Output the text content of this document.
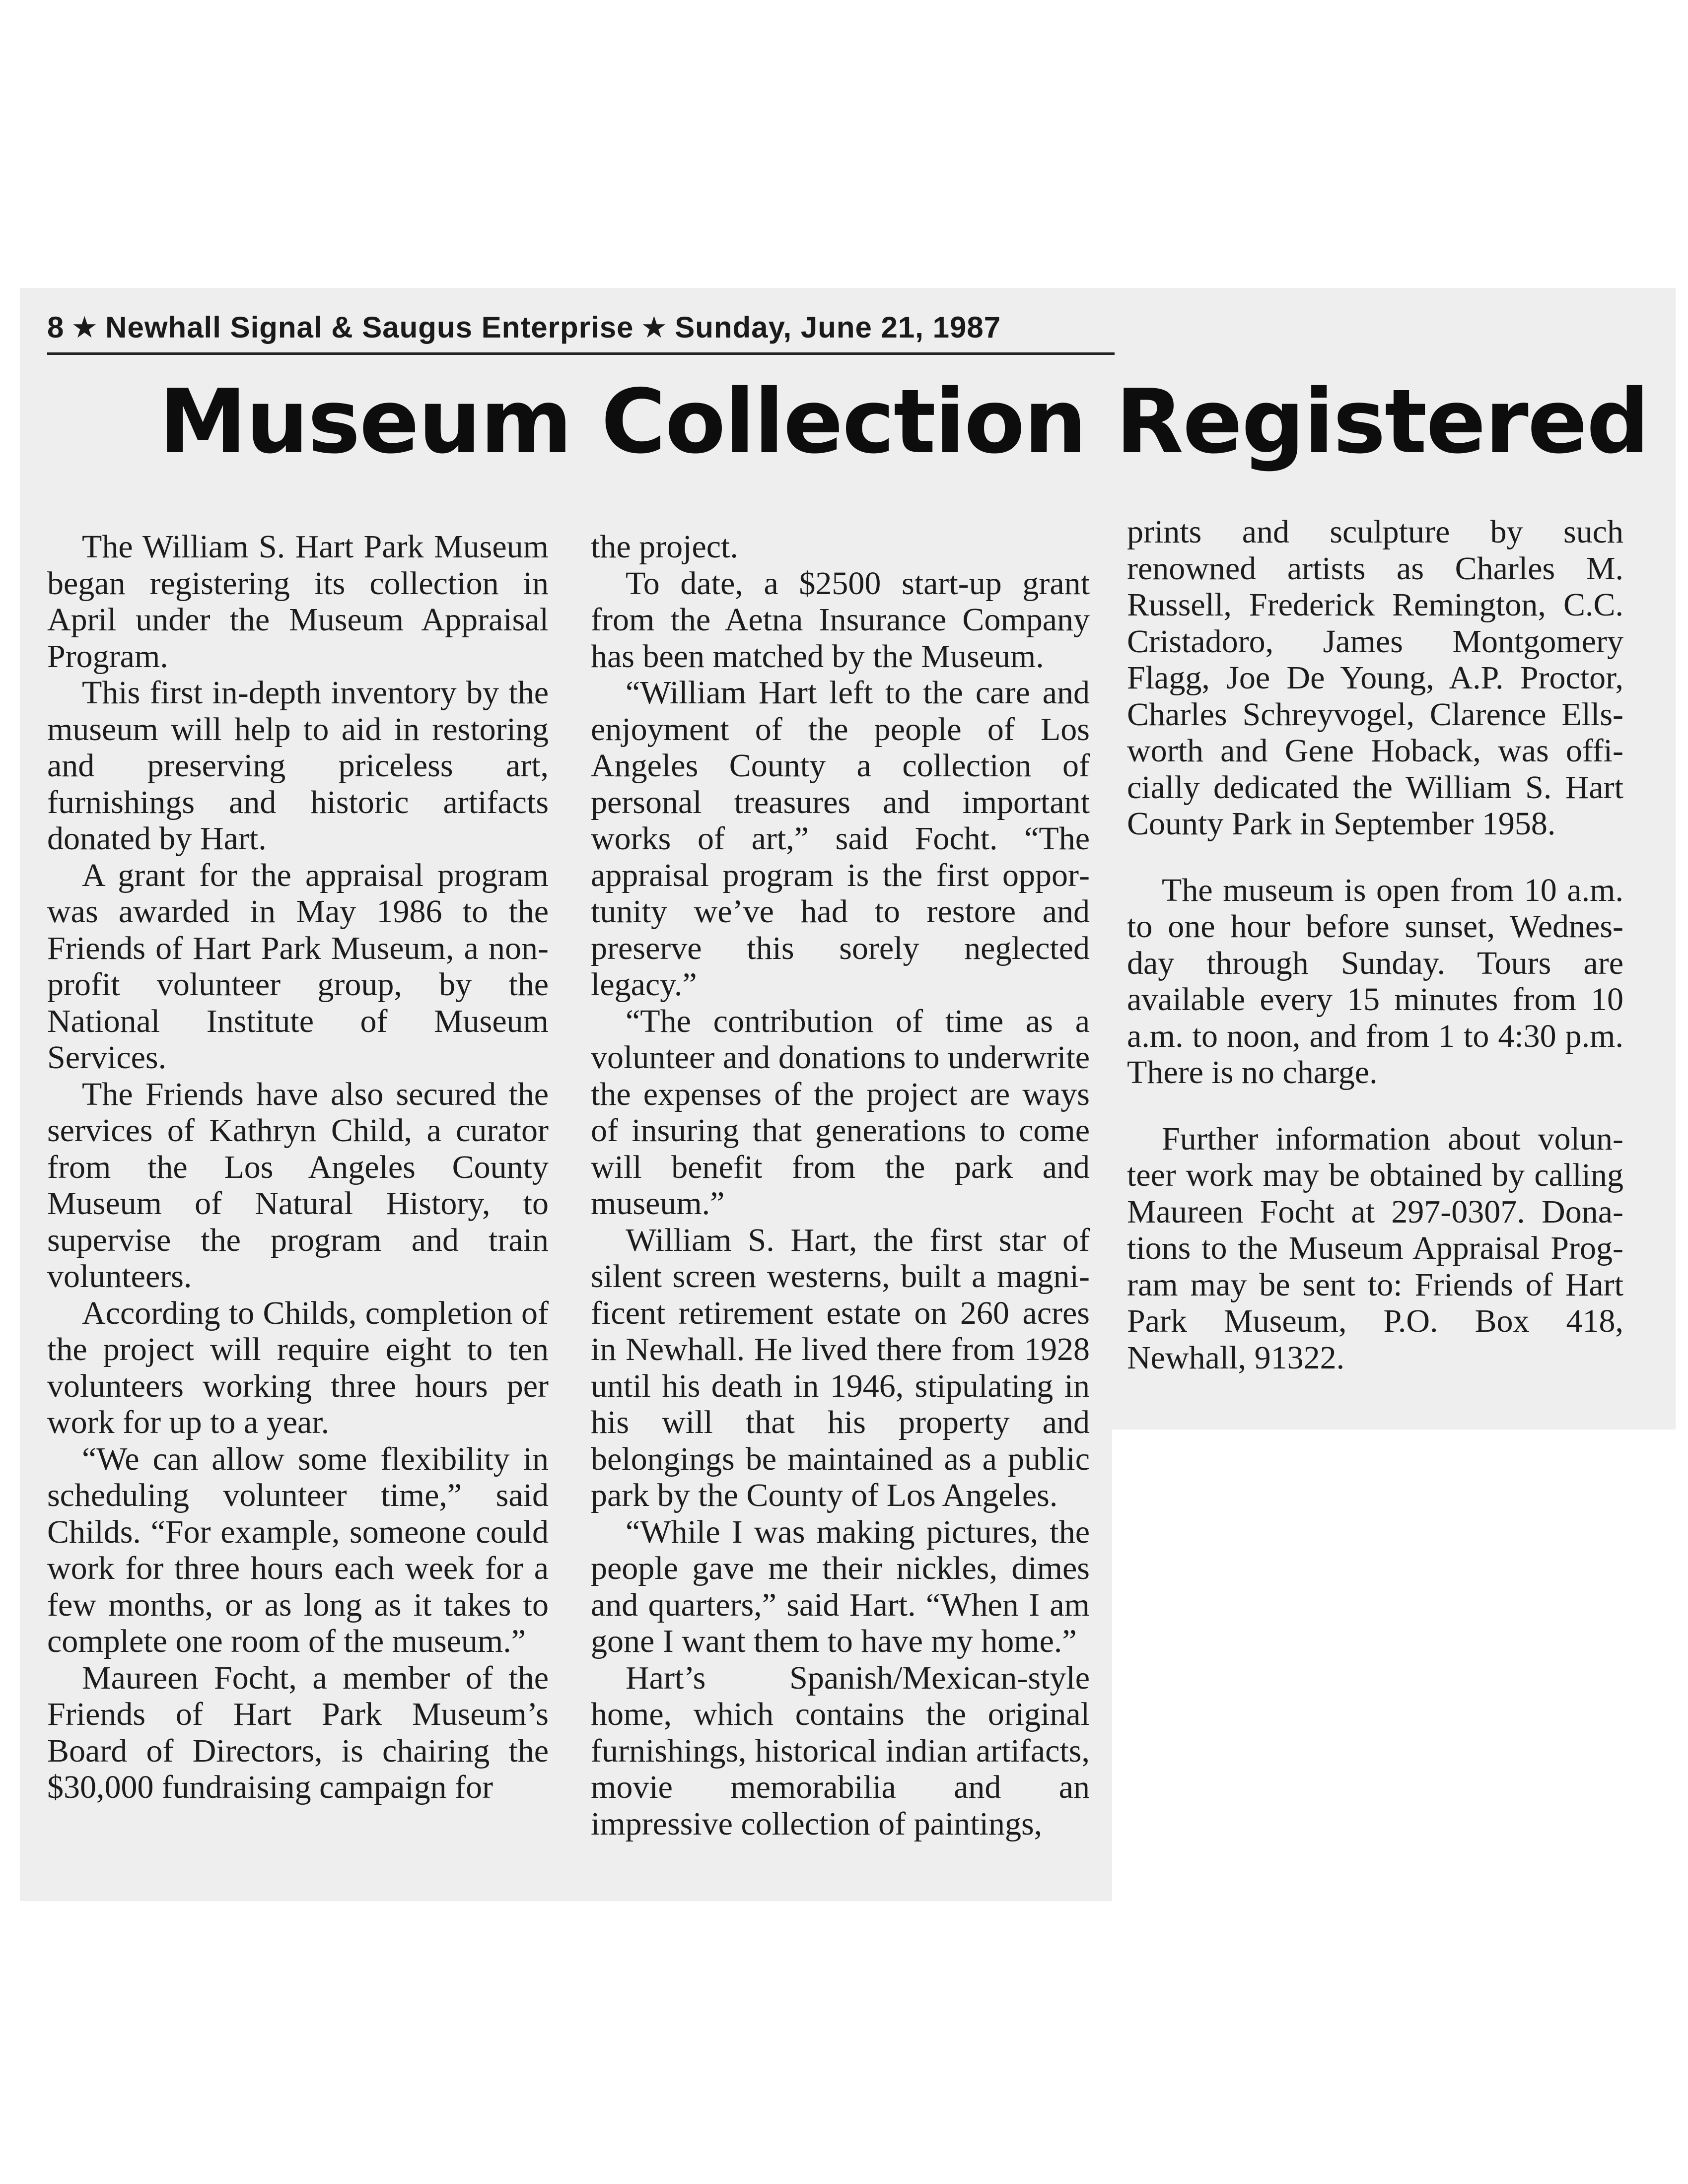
8 ★ Newhall Signal & Saugus Enterprise ★ Sunday, June 21, 1987
Museum Collection Registered

The William S. Hart Park Museum began registering its collection in April under the Museum Appraisal Program.

This first in-depth inventory by the museum will help to aid in restoring and preserving priceless art, furnishings and historic artifacts donated by Hart.

A grant for the appraisal program was awarded in May 1986 to the Friends of Hart Park Museum, a non-profit volunteer group, by the National Institute of Museum Services.

The Friends have also secured the services of Kathryn Child, a curator from the Los Angeles County Museum of Natural History, to supervise the program and train volunteers.

According to Childs, completion of the project will require eight to ten volunteers working three hours per work for up to a year.

“We can allow some flexibility in scheduling volunteer time,” said Childs. “For example, someone could work for three hours each week for a few months, or as long as it takes to complete one room of the museum.”

Maureen Focht, a member of the Friends of Hart Park Museum’s Board of Directors, is chairing the $30,000 fundraising campaign for

the project.

To date, a $2500 start-up grant from the Aetna Insurance Company has been matched by the Museum.

“William Hart left to the care and enjoyment of the people of Los Angeles County a collection of personal treasures and important works of art,” said Focht. “The appraisal program is the first opportunity we’ve had to restore and preserve this sorely neglected legacy.”

“The contribution of time as a volunteer and donations to underwrite the expenses of the project are ways of insuring that generations to come will benefit from the park and museum.”

William S. Hart, the first star of silent screen westerns, built a magnificent retirement estate on 260 acres in Newhall. He lived there from 1928 until his death in 1946, stipulating in his will that his property and belongings be maintained as a public park by the County of Los Angeles.

“While I was making pictures, the people gave me their nickles, dimes and quarters,” said Hart. “When I am gone I want them to have my home.”

Hart’s Spanish/Mexican-style home, which contains the original furnishings, historical indian artifacts, movie memorabilia and an impressive collection of paintings,

prints and sculpture by such renowned artists as Charles M. Russell, Frederick Remington, C.C. Cristadoro, James Montgomery Flagg, Joe De Young, A.P. Proctor, Charles Schreyvogel, Clarence Ellsworth and Gene Hoback, was officially dedicated the William S. Hart County Park in September 1958.

The museum is open from 10 a.m. to one hour before sunset, Wednesday through Sunday. Tours are available every 15 minutes from 10 a.m. to noon, and from 1 to 4:30 p.m. There is no charge.

Further information about volunteer work may be obtained by calling Maureen Focht at 297-0307. Donations to the Museum Appraisal Program may be sent to: Friends of Hart Park Museum, P.O. Box 418, Newhall, 91322.
